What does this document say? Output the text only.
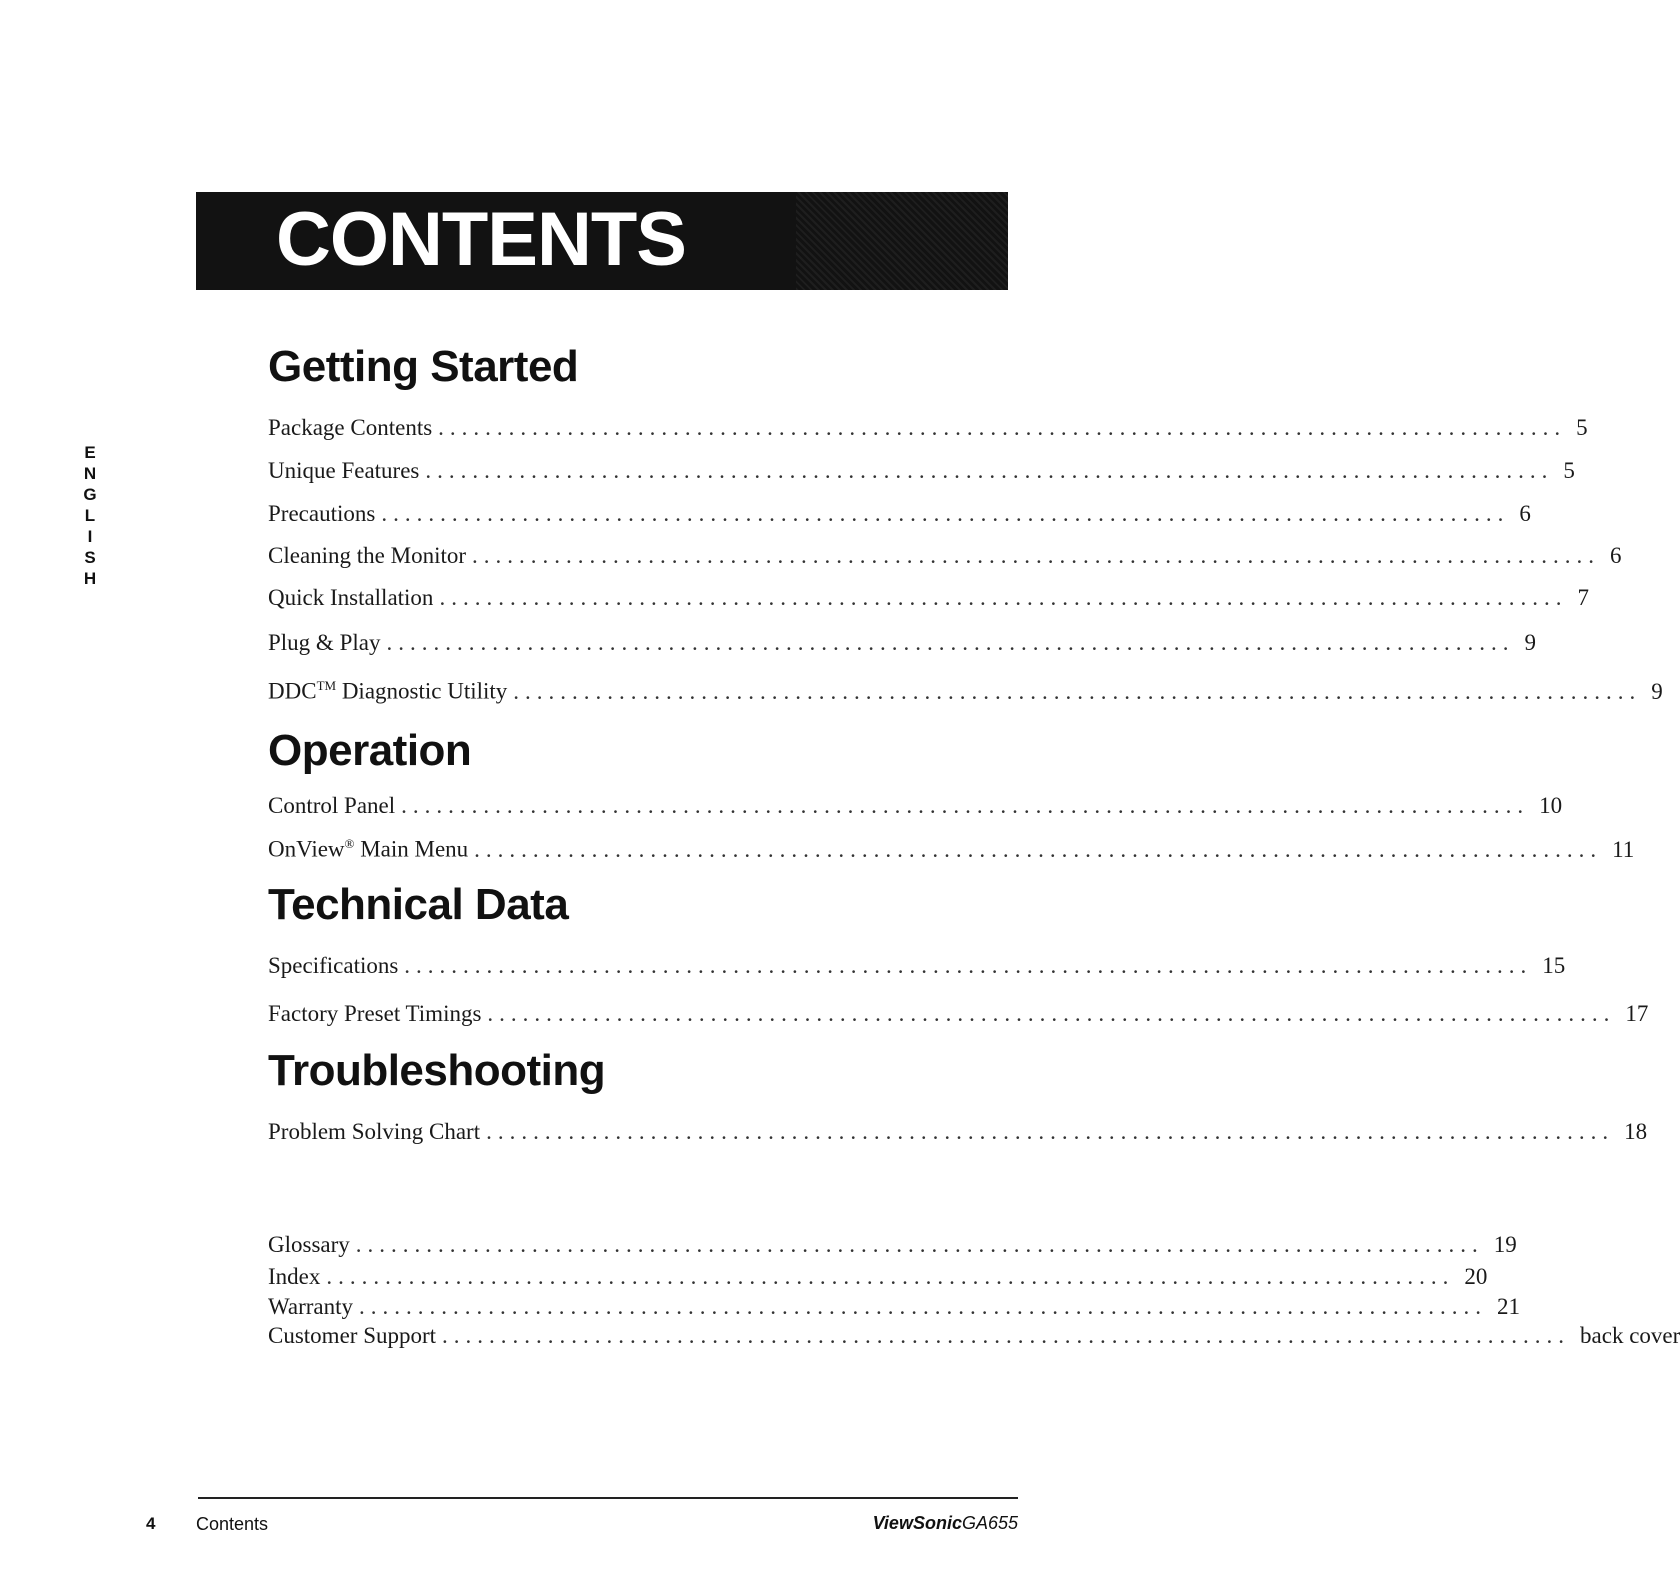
CONTENTS
E
N
G
L
I
S
H
Getting Started
Package Contents ................................................................................................ 5
Unique Features ................................................................................................ 5
Precautions ................................................................................................ 6
Cleaning the Monitor ................................................................................................ 6
Quick Installation ................................................................................................ 7
Plug & Play ................................................................................................ 9
DDC™ Diagnostic Utility ................................................................................................ 9
Operation
Control Panel ................................................................................................ 10
OnView® Main Menu ................................................................................................ 11
Technical Data
Specifications ................................................................................................ 15
Factory Preset Timings ................................................................................................ 17
Troubleshooting
Problem Solving Chart ................................................................................................ 18
Glossary ................................................................................................ 19
Index ................................................................................................ 20
Warranty ................................................................................................ 21
Customer Support ................................................................................................ back cover
4 Contents	ViewSonicGA655
